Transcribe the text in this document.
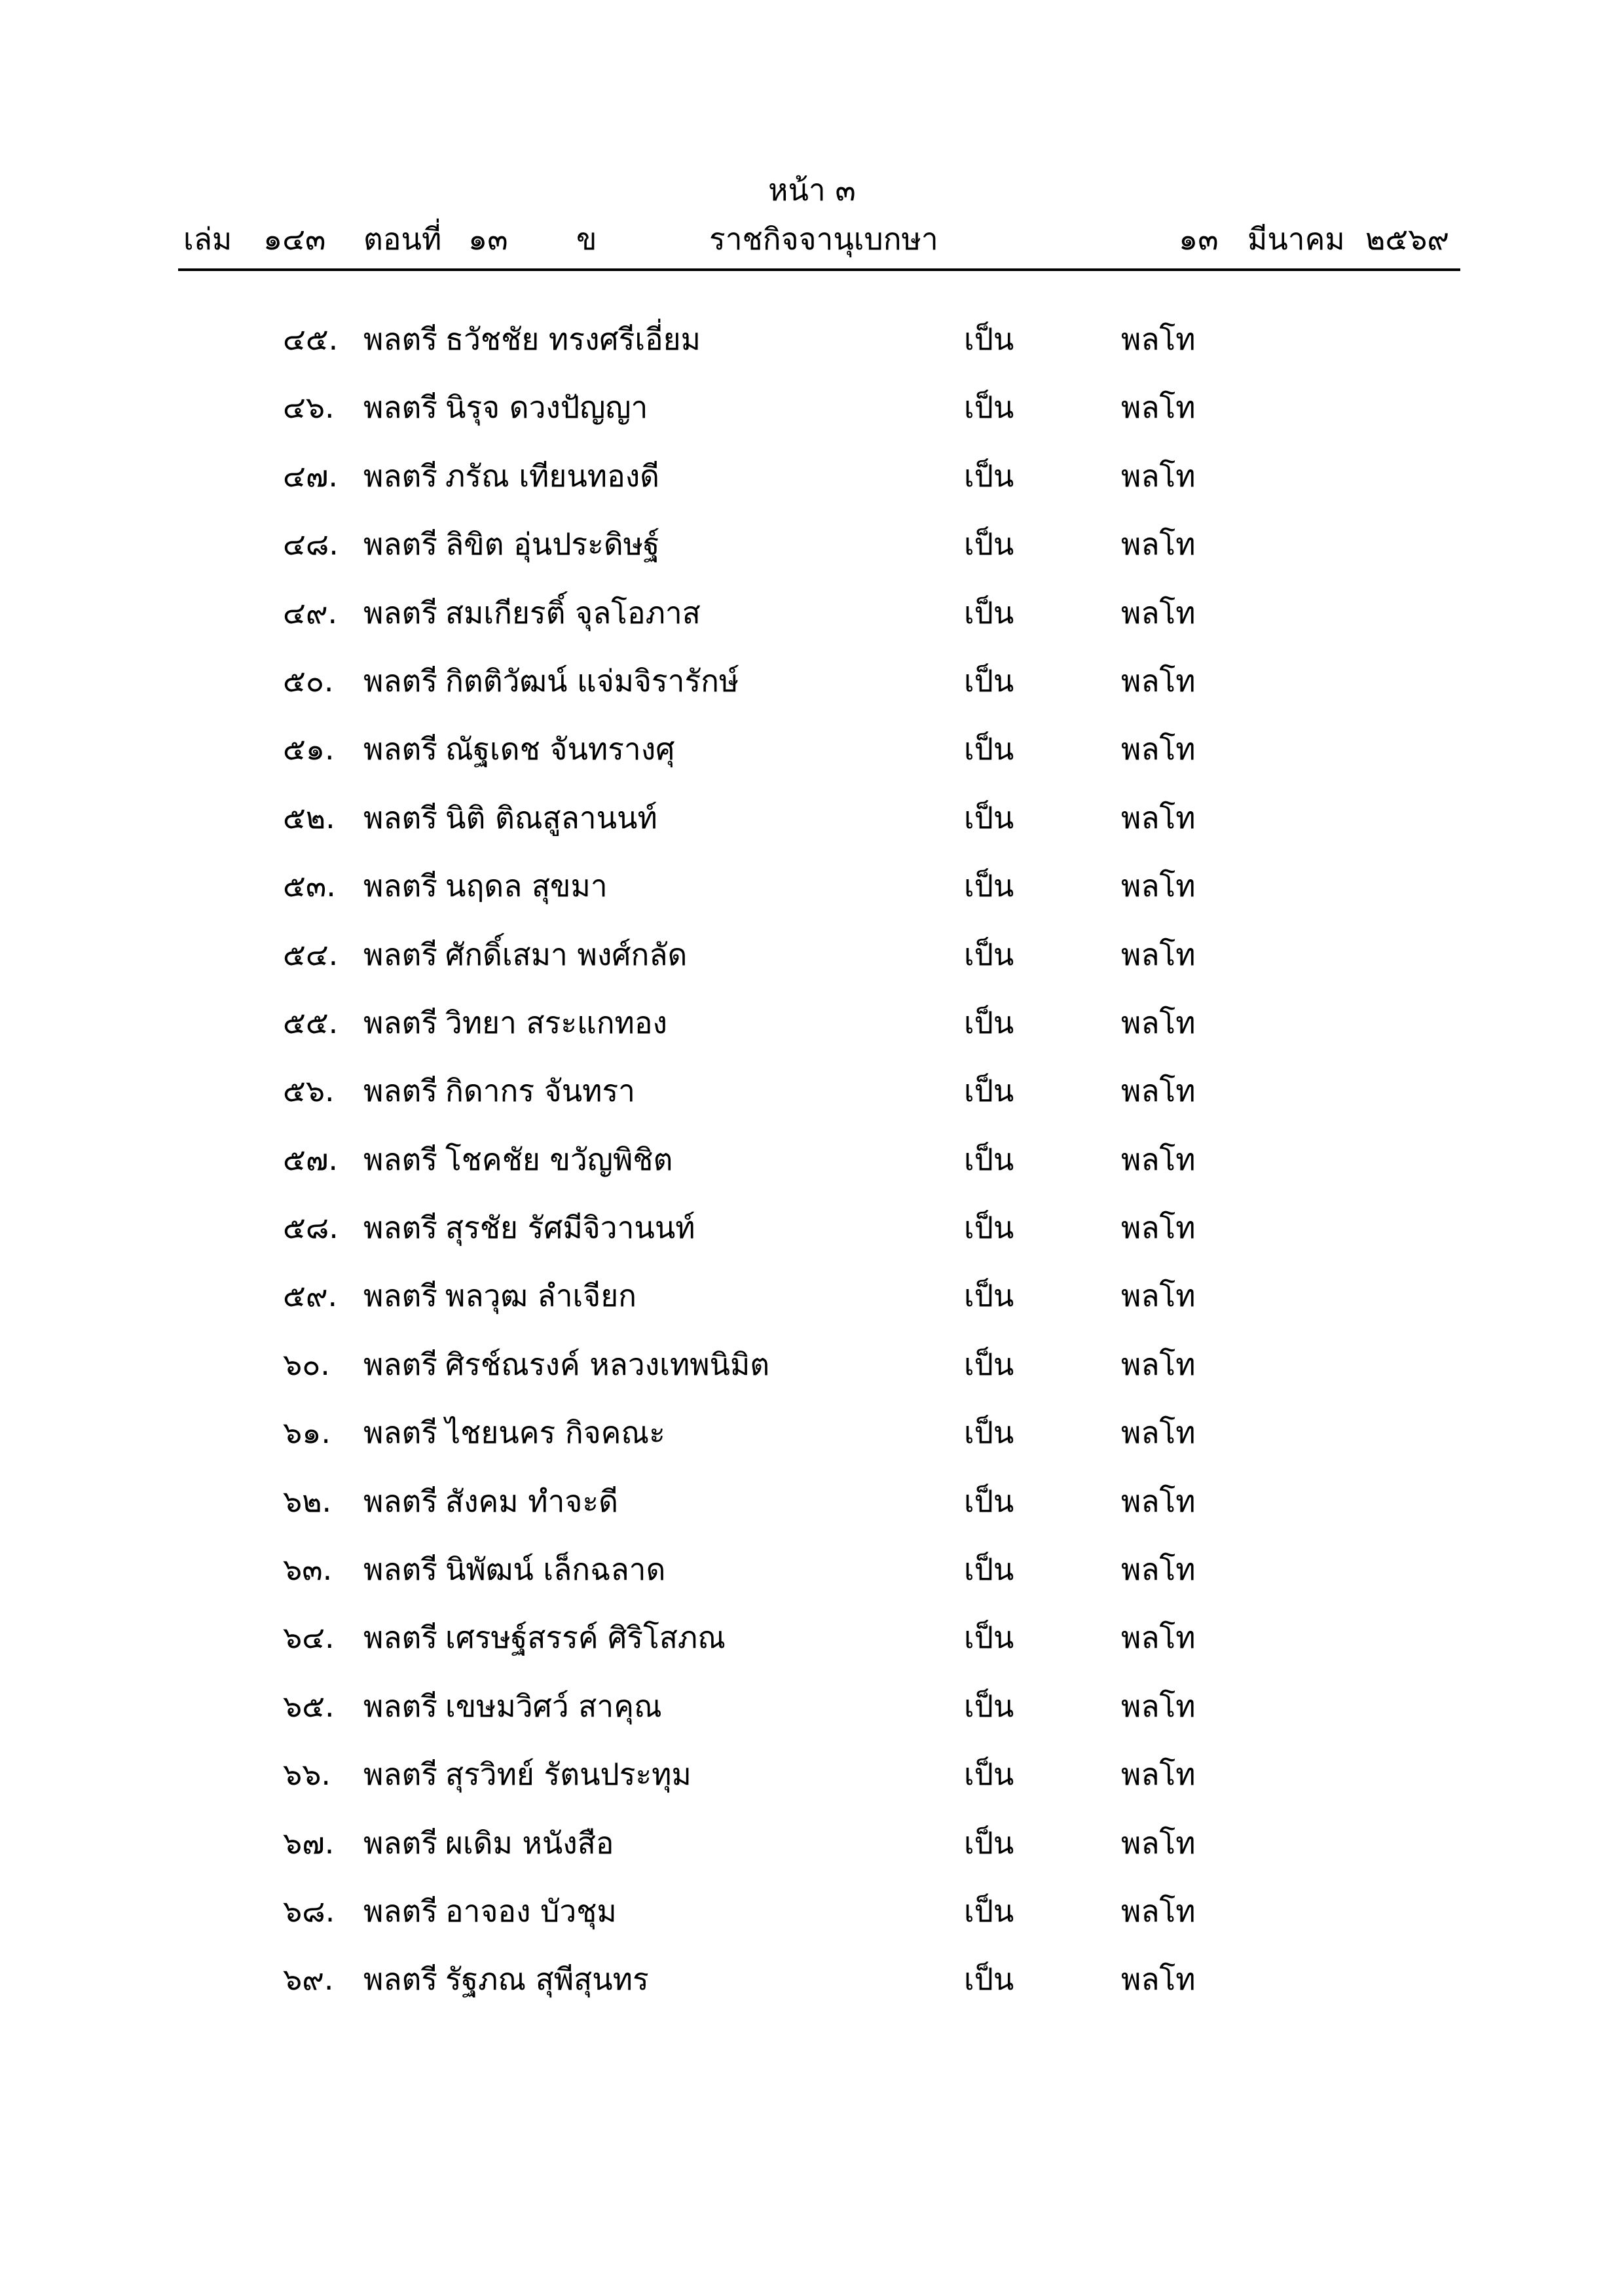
หน้า ๓
เล่ม ๑๔๓ ตอนที่ ๑๓ ข	ราชกิจจานุเบกษา	๑๓ มีนาคม ๒๕๖๙
๔๕. พลตรี ธวัชชัย ทรงศรีเอี่ยม	เป็น	พลโท
๔๖. พลตรี นิรุจ ดวงปัญญา	เป็น	พลโท
๔๗. พลตรี ภรัณ เทียนทองดี	เป็น	พลโท
๔๘. พลตรี ลิขิต อุ่นประดิษฐ์	เป็น	พลโท
๔๙. พลตรี สมเกียรติ์ จุลโอภาส	เป็น	พลโท
๕๐. พลตรี กิตติวัฒน์ แจ่มจิรารักษ์	เป็น	พลโท
๕๑. พลตรี ณัฐเดช จันทรางศุ	เป็น	พลโท
๕๒. พลตรี นิติ ติณสูลานนท์	เป็น	พลโท
๕๓. พลตรี นฤดล สุขมา	เป็น	พลโท
๕๔. พลตรี ศักดิ์เสมา พงศ์กลัด	เป็น	พลโท
๕๕. พลตรี วิทยา สระแกทอง	เป็น	พลโท
๕๖. พลตรี กิดากร จันทรา	เป็น	พลโท
๕๗. พลตรี โชคชัย ขวัญพิชิต	เป็น	พลโท
๕๘. พลตรี สุรชัย รัศมีจิวานนท์	เป็น	พลโท
๕๙. พลตรี พลวุฒ ลำเจียก	เป็น	พลโท
๖๐. พลตรี ศิรช์ณรงค์ หลวงเทพนิมิต	เป็น	พลโท
๖๑. พลตรี ไชยนคร กิจคณะ	เป็น	พลโท
๖๒. พลตรี สังคม ทำจะดี	เป็น	พลโท
๖๓. พลตรี นิพัฒน์ เล็กฉลาด	เป็น	พลโท
๖๔. พลตรี เศรษฐ์สรรค์ ศิริโสภณ	เป็น	พลโท
๖๕. พลตรี เขษมวิศว์ สาคุณ	เป็น	พลโท
๖๖. พลตรี สุรวิทย์ รัตนประทุม	เป็น	พลโท
๖๗. พลตรี ผเดิม หนังสือ	เป็น	พลโท
๖๘. พลตรี อาจอง บัวชุม	เป็น	พลโท
๖๙. พลตรี รัฐภณ สุพีสุนทร	เป็น	พลโท
